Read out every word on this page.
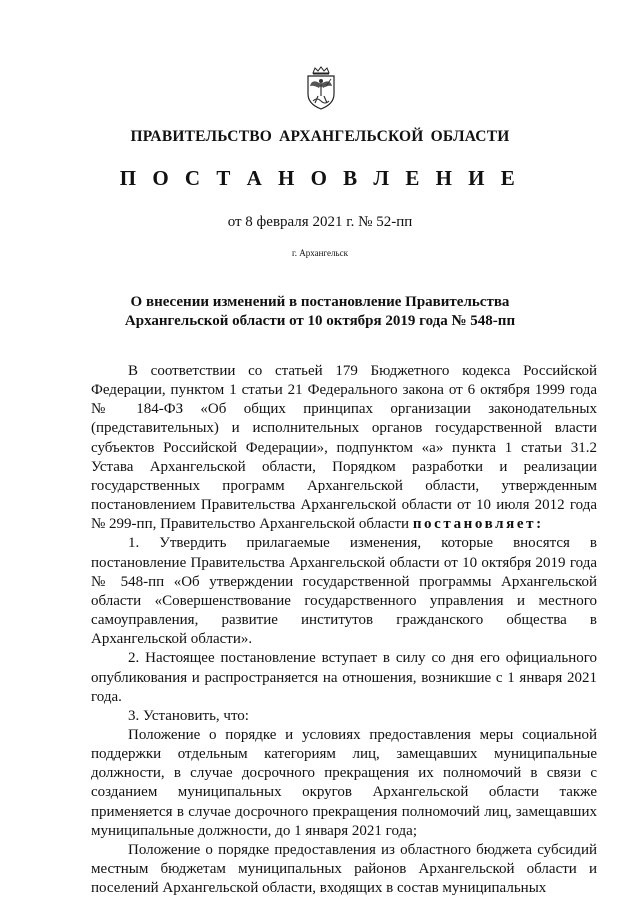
ПРАВИТЕЛЬСТВО АРХАНГЕЛЬСКОЙ ОБЛАСТИ
П О С Т А Н О В Л Е Н И Е
от 8 февраля 2021 г. № 52-пп
г. Архангельск
О внесении изменений в постановление Правительства
Архангельской области от 10 октября 2019 года № 548-пп

В соответствии со статьей 179 Бюджетного кодекса Российской Федерации, пунктом 1 статьи 21 Федерального закона от 6 октября 1999 года № 184-ФЗ «Об общих принципах организации законодательных (представительных) и исполнительных органов государственной власти субъектов Российской Федерации», подпунктом «а» пункта 1 статьи 31.2 Устава Архангельской области, Порядком разработки и реализации государственных программ Архангельской области, утвержденным постановлением Правительства Архангельской области от 10 июля 2012 года № 299-пп, Правительство Архангельской области постановляет:

1. Утвердить прилагаемые изменения, которые вносятся в постановление Правительства Архангельской области от 10 октября 2019 года № 548-пп «Об утверждении государственной программы Архангельской области «Совершенствование государственного управления и местного самоуправления, развитие институтов гражданского общества в Архангельской области».

2. Настоящее постановление вступает в силу со дня его официального опубликования и распространяется на отношения, возникшие с 1 января 2021 года.

3. Установить, что:

Положение о порядке и условиях предоставления меры социальной поддержки отдельным категориям лиц, замещавших муниципальные должности, в случае досрочного прекращения их полномочий в связи с созданием муниципальных округов Архангельской области также применяется в случае досрочного прекращения полномочий лиц, замещавших муниципальные должности, до 1 января 2021 года;

Положение о порядке предоставления из областного бюджета субсидий местным бюджетам муниципальных районов Архангельской области и поселений Архангельской области, входящих в состав муниципальных
